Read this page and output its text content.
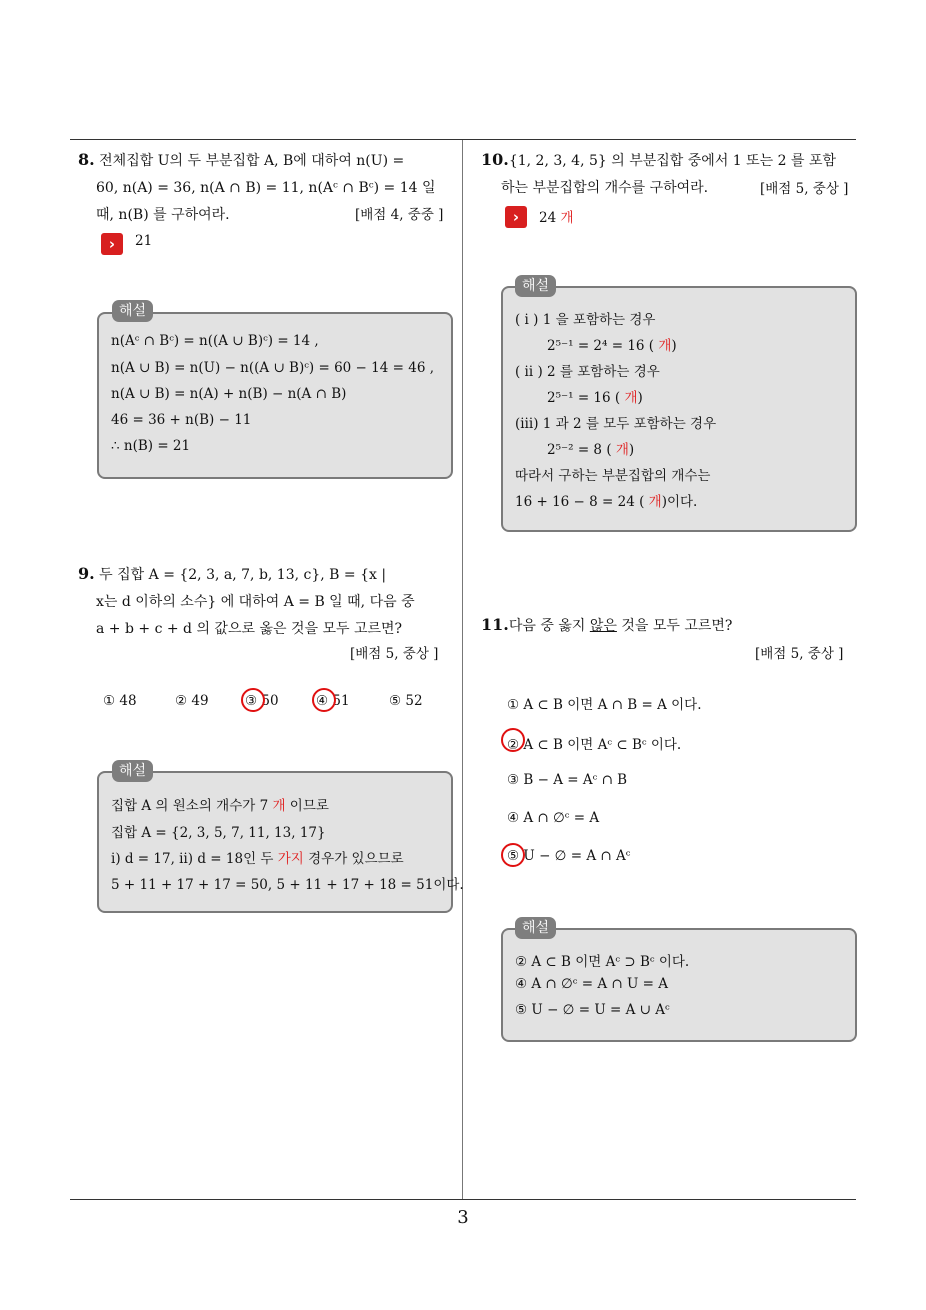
8. 전체집합 U의 두 부분집합 A, B에 대하여 n(U) =
60, n(A) = 36, n(A ∩ B) = 11, n(Aᶜ ∩ Bᶜ) = 14 일
때, n(B) 를 구하여라.	[배점 4, 중중 ]
›	21
n(Aᶜ ∩ Bᶜ) = n((A ∪ B)ᶜ) = 14 ,
n(A ∪ B) = n(U) − n((A ∪ B)ᶜ) = 60 − 14 = 46 ,
n(A ∪ B) = n(A) + n(B) − n(A ∩ B)
46 = 36 + n(B) − 11
∴ n(B) = 21
해설
9. 두 집합 A = {2, 3, a, 7, b, 13, c}, B = {x |
x는 d 이하의 소수} 에 대하여 A = B 일 때, 다음 중
a + b + c + d 의 값으로 옳은 것을 모두 고르면?
[배점 5, 중상 ]
① 48	② 49	③ 50	④ 51	⑤ 52
집합 A 의 원소의 개수가 7 개 이므로
집합 A = {2, 3, 5, 7, 11, 13, 17}
ⅰ) d = 17, ⅱ) d = 18인 두 가지 경우가 있으므로
5 + 11 + 17 + 17 = 50, 5 + 11 + 17 + 18 = 51이다.
해설
10.{1, 2, 3, 4, 5} 의 부분집합 중에서 1 또는 2 를 포함
하는 부분집합의 개수를 구하여라.	[배점 5, 중상 ]
›	24 개
( ⅰ ) 1 을 포함하는 경우
2⁵⁻¹ = 2⁴ = 16 ( 개)
( ⅱ ) 2 를 포함하는 경우
2⁵⁻¹ = 16 ( 개)
(ⅲ) 1 과 2 를 모두 포함하는 경우
2⁵⁻² = 8 ( 개)
따라서 구하는 부분집합의 개수는
16 + 16 − 8 = 24 ( 개)이다.
해설
11.다음 중 옳지 않은 것을 모두 고르면?
[배점 5, 중상 ]
① A ⊂ B 이면 A ∩ B = A 이다.
② A ⊂ B 이면 Aᶜ ⊂ Bᶜ 이다.
③ B − A = Aᶜ ∩ B
④ A ∩ ∅ᶜ = A
⑤ U − ∅ = A ∩ Aᶜ
② A ⊂ B 이면 Aᶜ ⊃ Bᶜ 이다.
④ A ∩ ∅ᶜ = A ∩ U = A
⑤ U − ∅ = U = A ∪ Aᶜ
해설
3
